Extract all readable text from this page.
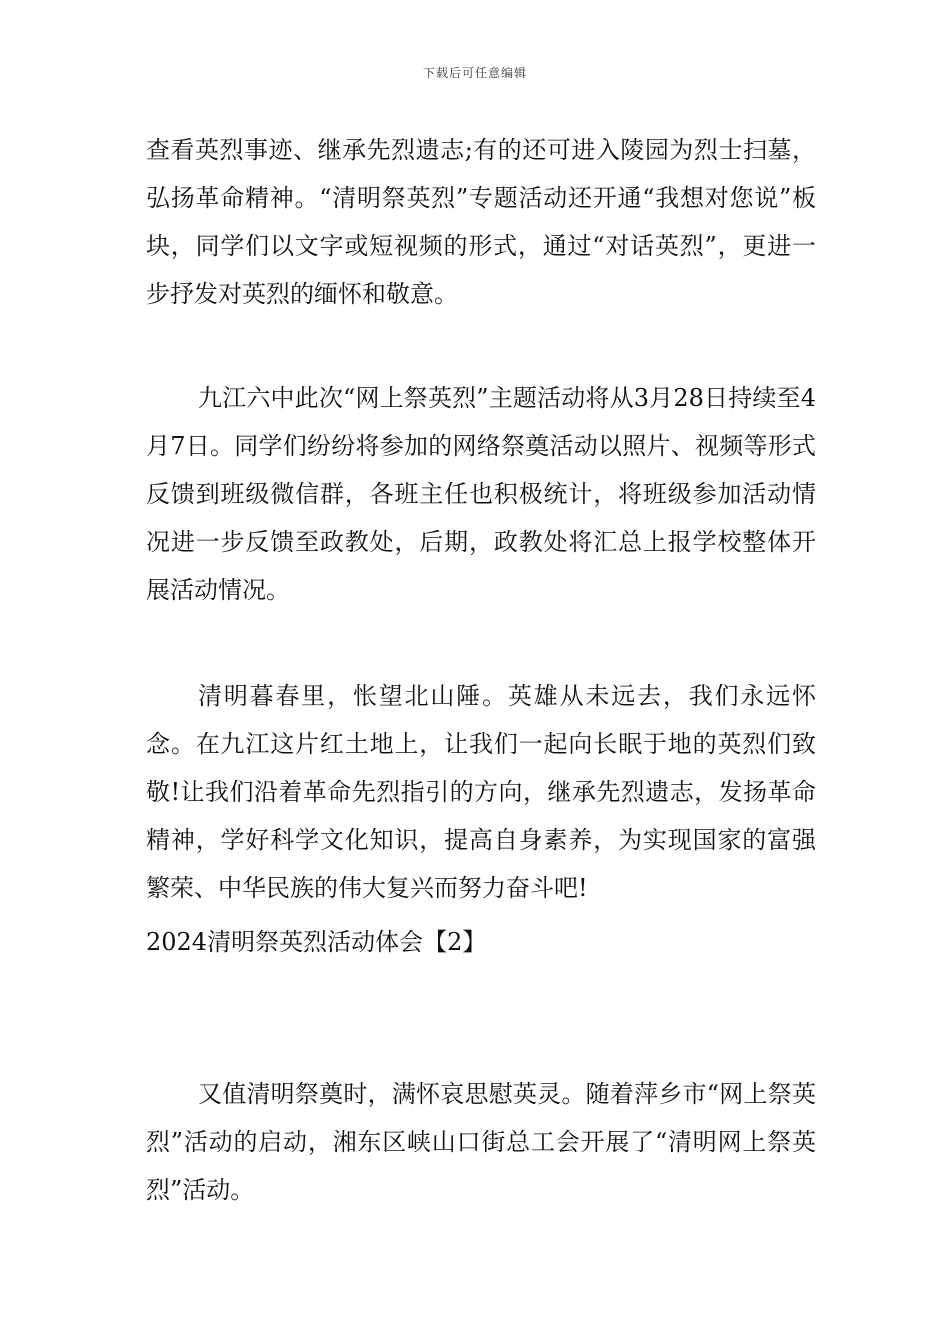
下载后可任意编辑

查看英烈事迹、继承先烈遗志;有的还可进入陵园为烈士扫墓，弘扬革命精神。“清明祭英烈”专题活动还开通“我想对您说”板块，同学们以文字或短视频的形式，通过“对话英烈”，更进一步抒发对英烈的缅怀和敬意。

九江六中此次“网上祭英烈”主题活动将从3月28日持续至4月7日。同学们纷纷将参加的网络祭奠活动以照片、视频等形式反馈到班级微信群，各班主任也积极统计，将班级参加活动情况进一步反馈至政教处，后期，政教处将汇总上报学校整体开展活动情况。

清明暮春里，怅望北山陲。英雄从未远去，我们永远怀念。在九江这片红土地上，让我们一起向长眠于地的英烈们致敬!让我们沿着革命先烈指引的方向，继承先烈遗志，发扬革命精神，学好科学文化知识，提高自身素养，为实现国家的富强繁荣、中华民族的伟大复兴而努力奋斗吧!

2024清明祭英烈活动体会【2】

又值清明祭奠时，满怀哀思慰英灵。随着萍乡市“网上祭英烈”活动的启动，湘东区峡山口街总工会开展了“清明网上祭英烈”活动。
